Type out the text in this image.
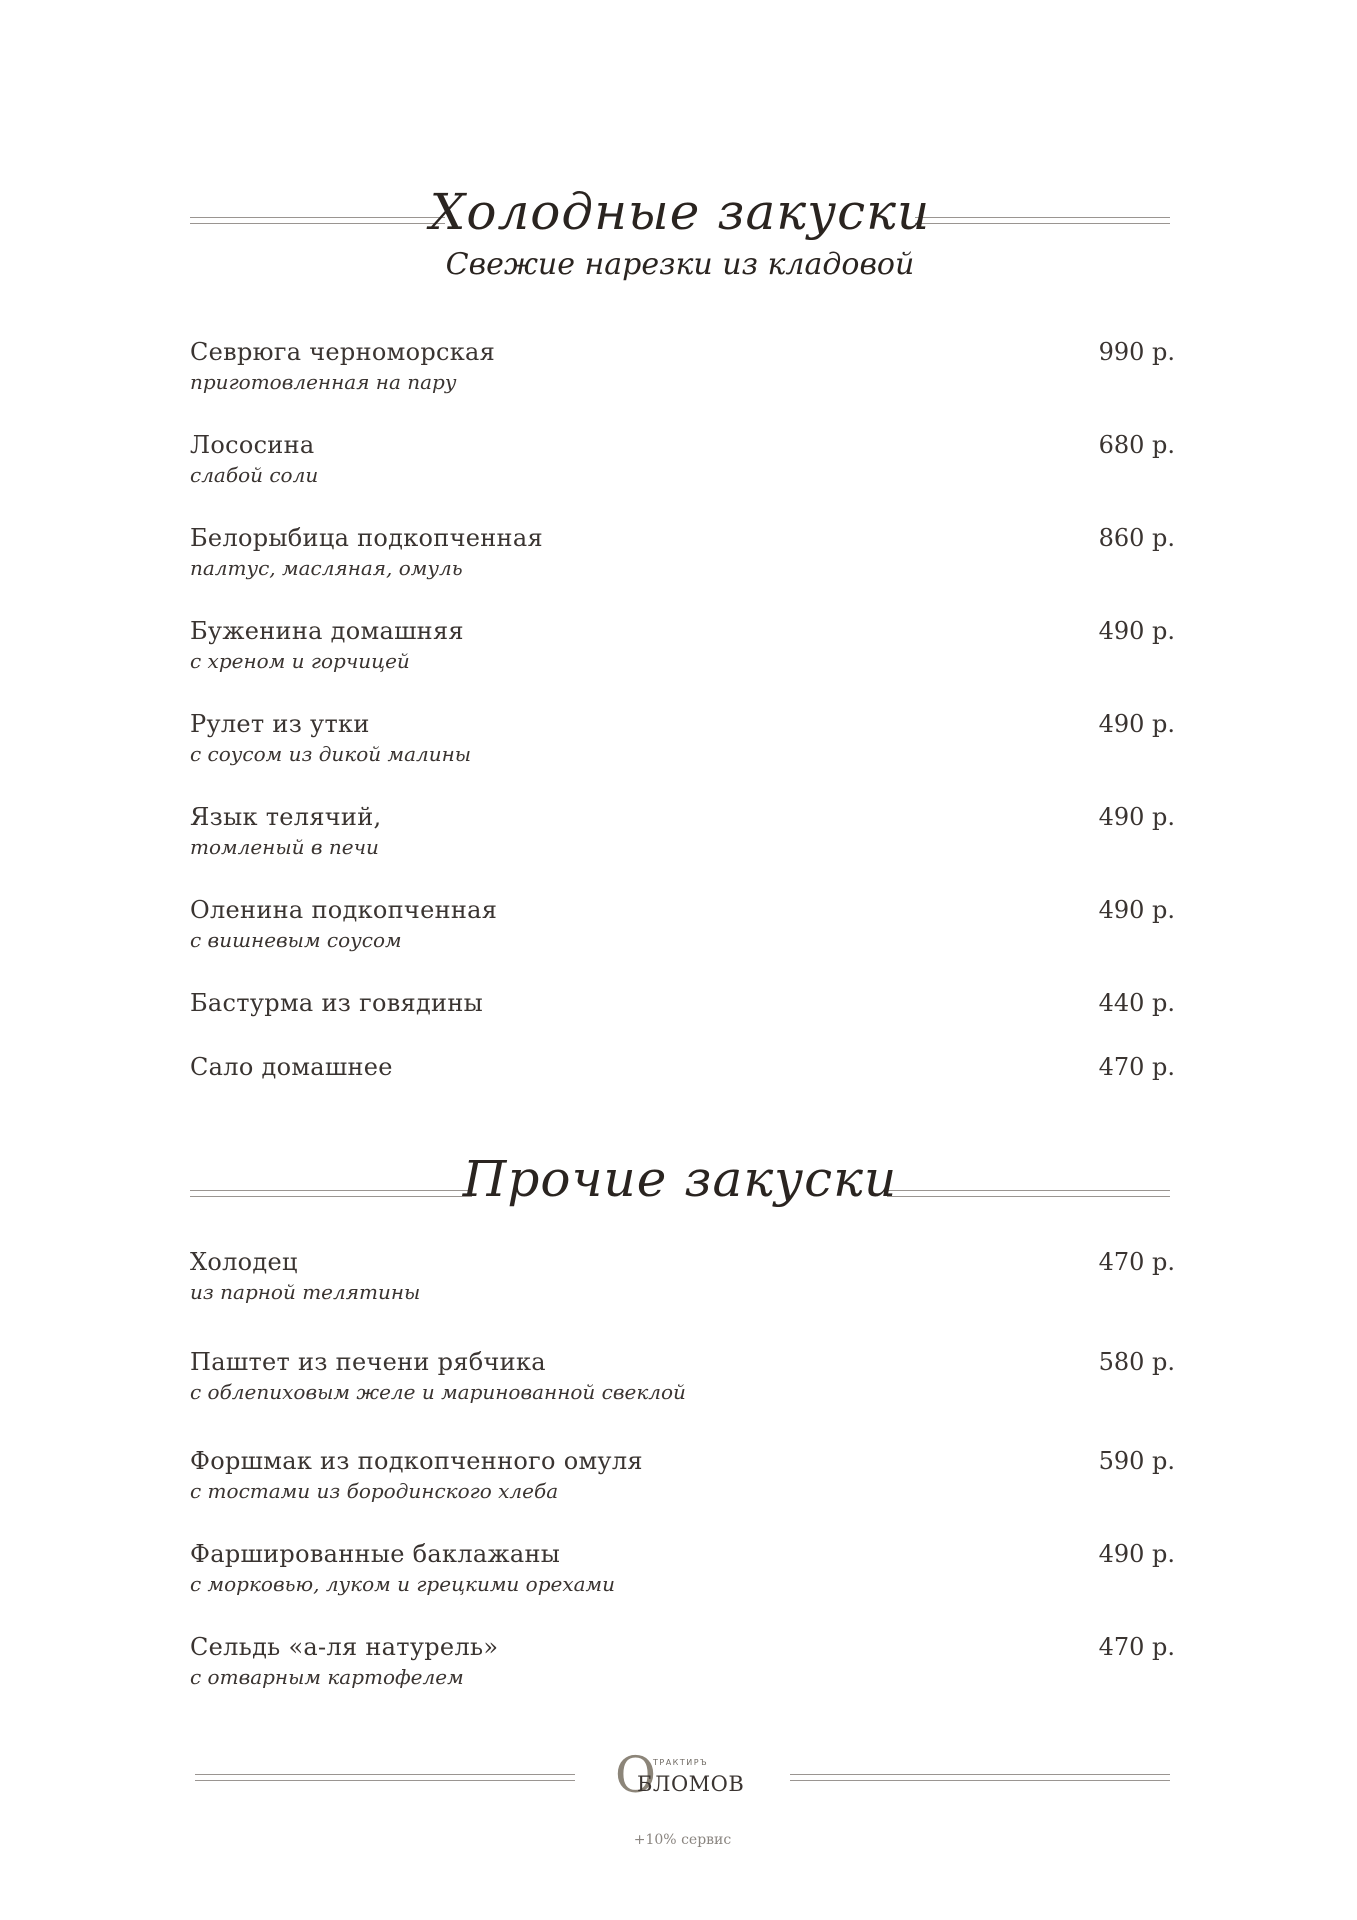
Холодные закуски
Свежие нарезки из кладовой
Севрюга черноморская
приготовленная на пару
990 р.
Лососина
слабой соли
680 р.
Белорыбица подкопченная
палтус, масляная, омуль
860 р.
Буженина домашняя
с хреном и горчицей
490 р.
Рулет из утки
с соусом из дикой малины
490 р.
Язык телячий,
томленый в печи
490 р.
Оленина подкопченная
с вишневым соусом
490 р.
Бастурма из говядины	440 р.
Сало домашнее	470 р.
Прочие закуски
Холодец
из парной телятины
470 р.
Паштет из печени рябчика
с облепиховым желе и маринованной свеклой
580 р.
Форшмак из подкопченного омуля
с тостами из бородинского хлеба
590 р.
Фаршированные баклажаны
с морковью, луком и грецкими орехами
490 р.
Сельдь «а-ля натурель»
с отварным картофелем
470 р.
О
ТРАКТИРЪ
БЛОМОВ
+10% сервис
